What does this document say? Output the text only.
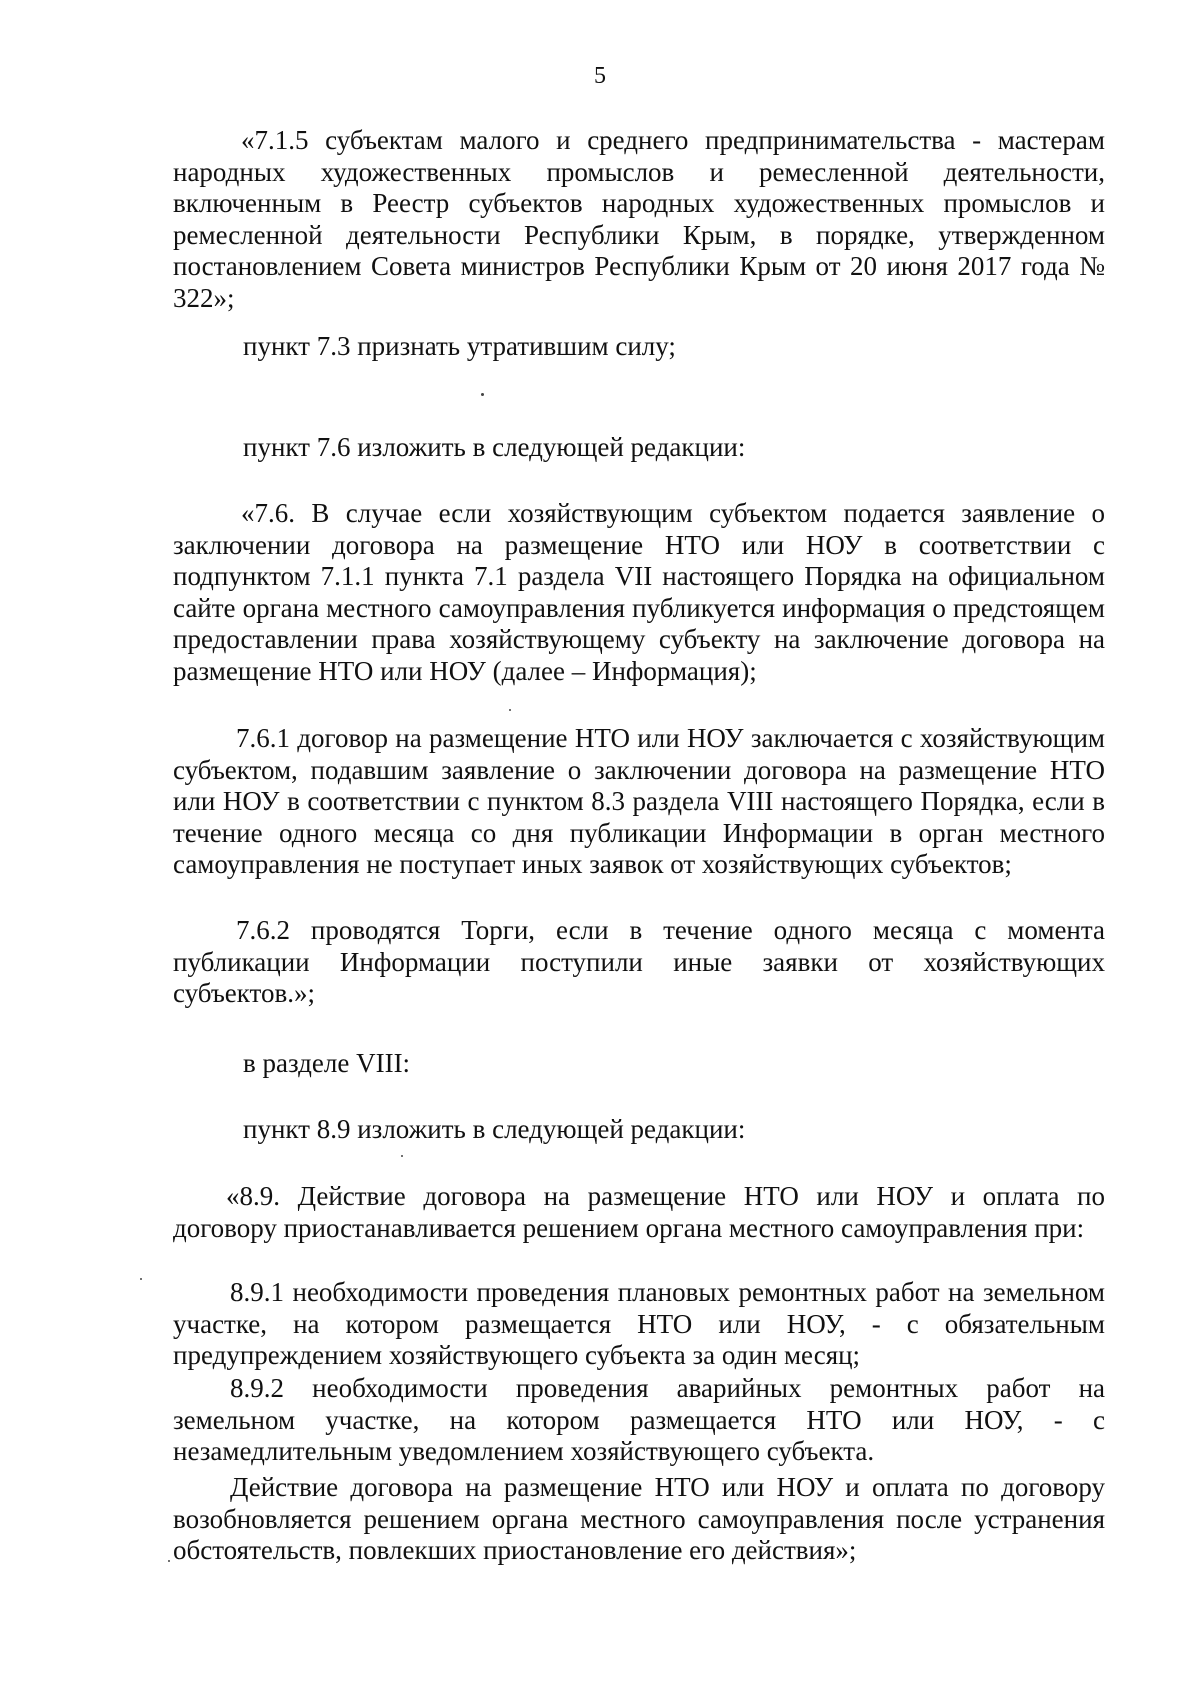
5

«7.1.5 субъектам малого и среднего предпринимательства - мастерам народных художественных промыслов и ремесленной деятельности, включенным в Реестр субъектов народных художественных промыслов и ремесленной деятельности Республики Крым, в порядке, утвержденном постановлением Совета министров Республики Крым от 20 июня 2017 года № 322»;

пункт 7.3 признать утратившим силу;

пункт 7.6 изложить в следующей редакции:

«7.6. В случае если хозяйствующим субъектом подается заявление о заключении договора на размещение НТО или НОУ в соответствии с подпунктом 7.1.1 пункта 7.1 раздела VII настоящего Порядка на официальном сайте органа местного самоуправления публикуется информация о предстоящем предоставлении права хозяйствующему субъекту на заключение договора на размещение НТО или НОУ (далее – Информация);

7.6.1 договор на размещение НТО или НОУ заключается с хозяйствующим субъектом, подавшим заявление о заключении договора на размещение НТО или НОУ в соответствии с пунктом 8.3 раздела VIII настоящего Порядка, если в течение одного месяца со дня публикации Информации в орган местного самоуправления не поступает иных заявок от хозяйствующих субъектов;

7.6.2 проводятся Торги, если в течение одного месяца с момента публикации Информации поступили иные заявки от хозяйствующих субъектов.»;

в разделе VIII:

пункт 8.9 изложить в следующей редакции:

«8.9. Действие договора на размещение НТО или НОУ и оплата по договору приостанавливается решением органа местного самоуправления при:

8.9.1 необходимости проведения плановых ремонтных работ на земельном участке, на котором размещается НТО или НОУ, - с обязательным предупреждением хозяйствующего субъекта за один месяц;

8.9.2 необходимости проведения аварийных ремонтных работ на земельном участке, на котором размещается НТО или НОУ, - с незамедлительным уведомлением хозяйствующего субъекта.

Действие договора на размещение НТО или НОУ и оплата по договору возобновляется решением органа местного самоуправления после устранения обстоятельств, повлекших приостановление его действия»;
